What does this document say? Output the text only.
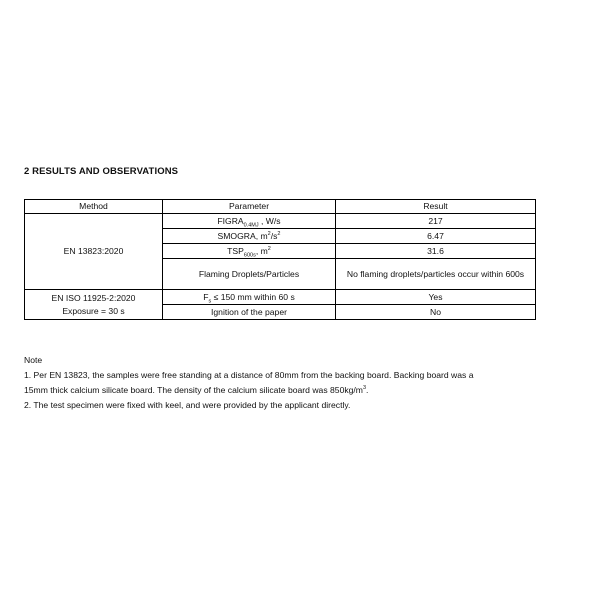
2 RESULTS AND OBSERVATIONS
Method	Parameter	Result
EN 13823:2020	$FIGRA_{0.4MJ}$ , W/s	217
	SMOGRA, $m^2/s^2$	6.47
	$TSP_{600s}$, $m^2$	31.6
	Flaming Droplets/Particles	No flaming droplets/particles occur within 600s

EN ISO 11925-2:2020
Exposure = 30 s	$F_s \le 150$ mm within 60 s	Yes
	Ignition of the paper	No
Note
1. Per EN 13823, the samples were free standing at a distance of 80mm from the backing board. Backing board was a
15mm thick calcium silicate board. The density of the calcium silicate board was $850kg/m^3$.
2. The test specimen were fixed with keel, and were provided by the applicant directly.
